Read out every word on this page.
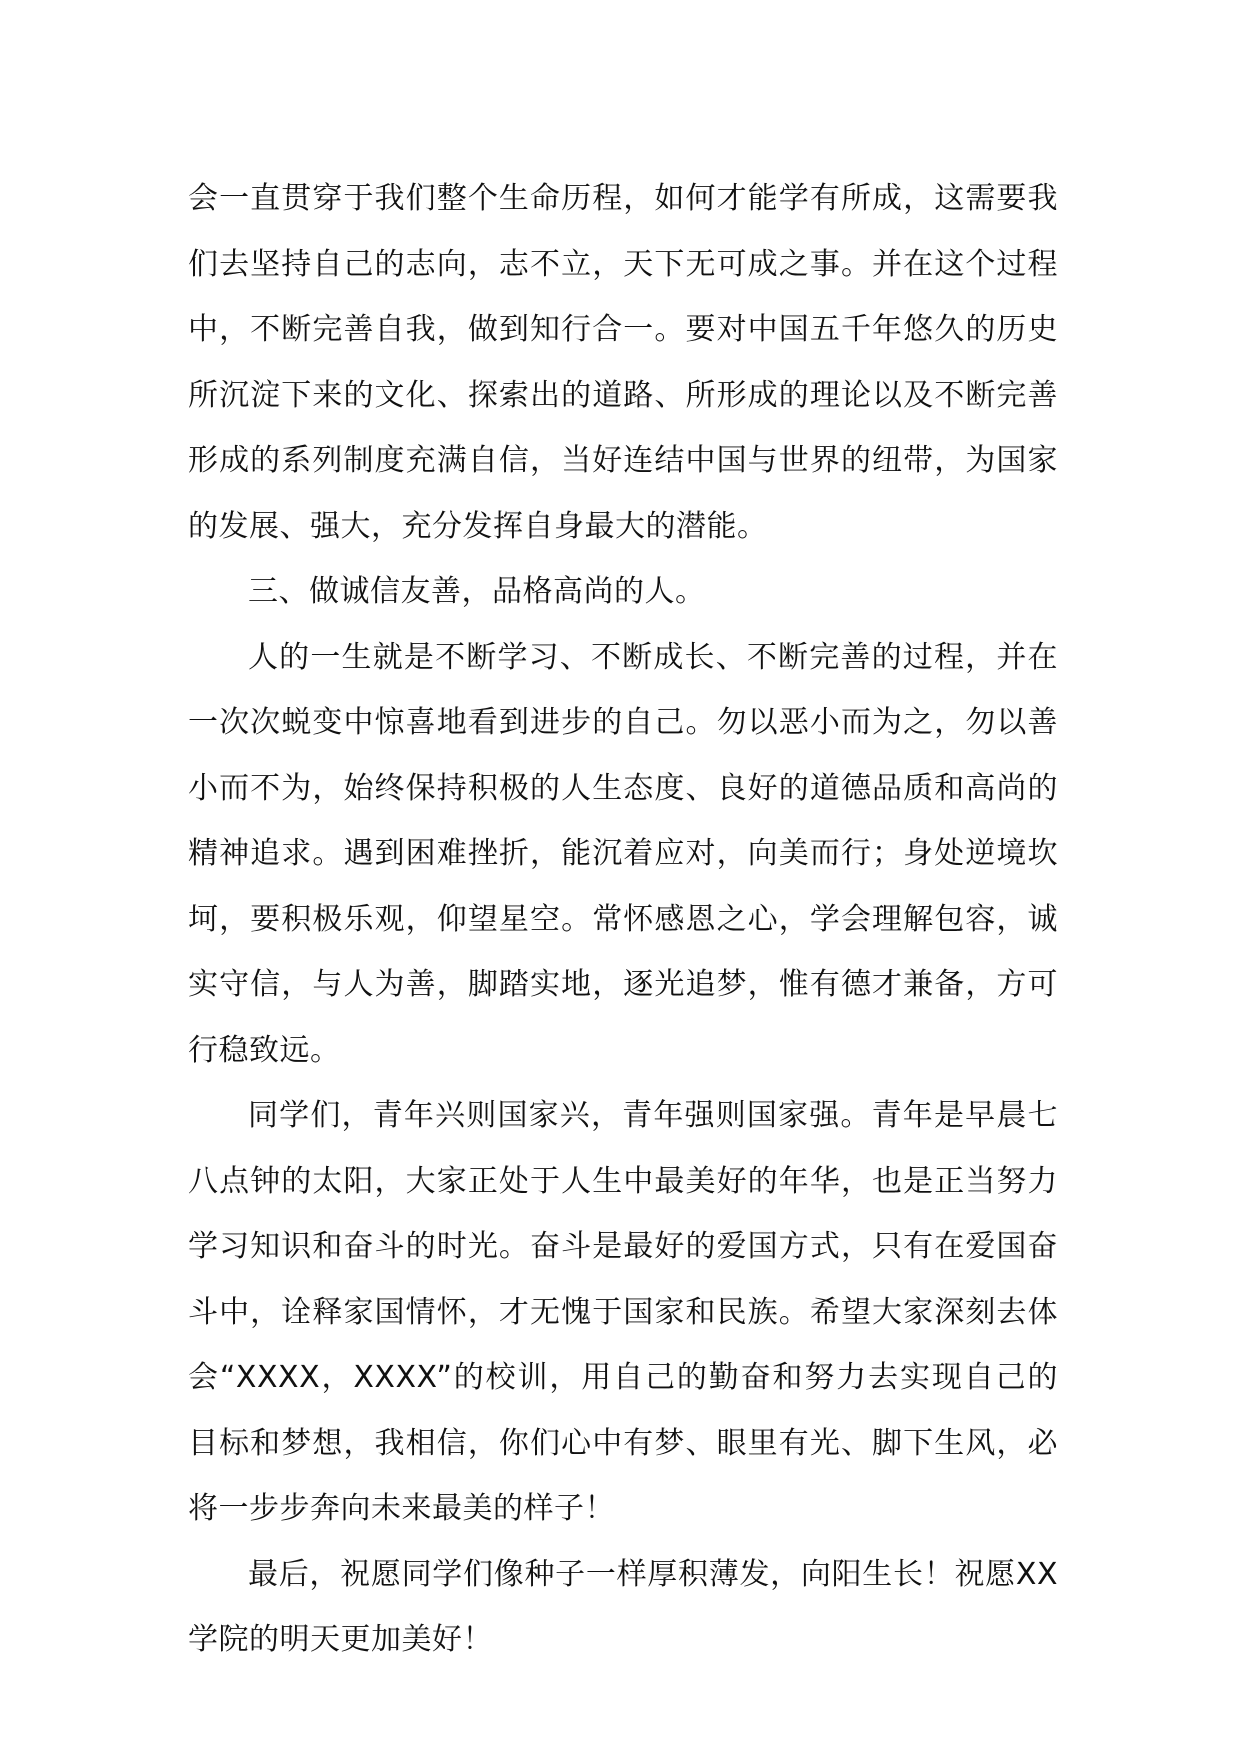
会一直贯穿于我们整个生命历程，如何才能学有所成，这需要我们去坚持自己的志向，志不立，天下无可成之事。并在这个过程中，不断完善自我，做到知行合一。要对中国五千年悠久的历史所沉淀下来的文化、探索出的道路、所形成的理论以及不断完善形成的系列制度充满自信，当好连结中国与世界的纽带，为国家的发展、强大，充分发挥自身最大的潜能。

三、做诚信友善，品格高尚的人。

人的一生就是不断学习、不断成长、不断完善的过程，并在一次次蜕变中惊喜地看到进步的自己。勿以恶小而为之，勿以善小而不为，始终保持积极的人生态度、良好的道德品质和高尚的精神追求。遇到困难挫折，能沉着应对，向美而行；身处逆境坎坷，要积极乐观，仰望星空。常怀感恩之心，学会理解包容，诚实守信，与人为善，脚踏实地，逐光追梦，惟有德才兼备，方可行稳致远。

同学们，青年兴则国家兴，青年强则国家强。青年是早晨七八点钟的太阳，大家正处于人生中最美好的年华，也是正当努力学习知识和奋斗的时光。奋斗是最好的爱国方式，只有在爱国奋斗中，诠释家国情怀，才无愧于国家和民族。希望大家深刻去体会“XXXX，XXXX”的校训，用自己的勤奋和努力去实现自己的目标和梦想，我相信，你们心中有梦、眼里有光、脚下生风，必将一步步奔向未来最美的样子！

最后，祝愿同学们像种子一样厚积薄发，向阳生长！祝愿XX学院的明天更加美好！
